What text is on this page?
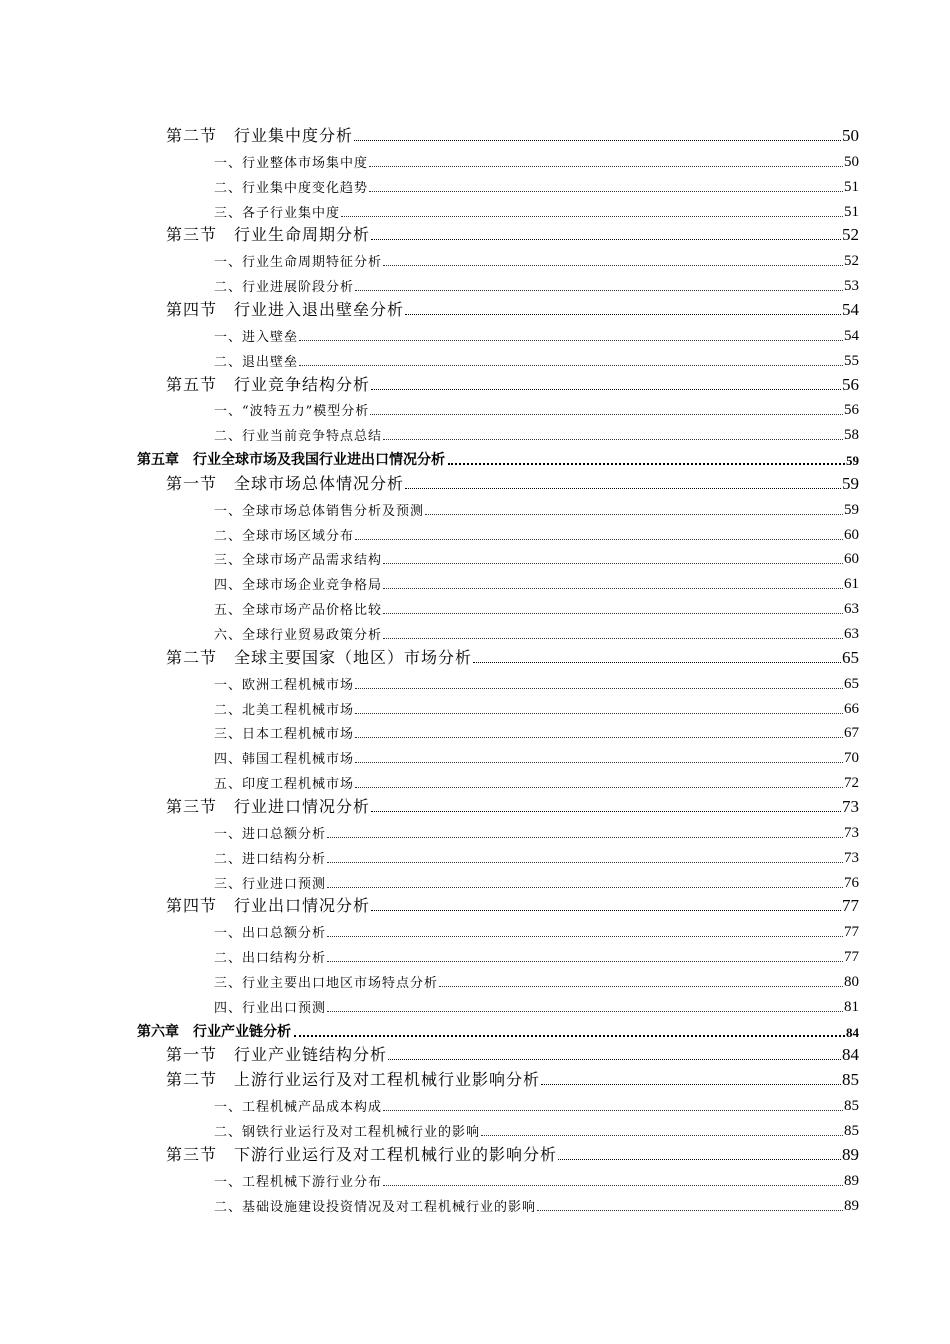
第二节　行业集中度分析	50
一、行业整体市场集中度	50
二、行业集中度变化趋势	51
三、各子行业集中度	51
第三节　行业生命周期分析	52
一、行业生命周期特征分析	52
二、行业进展阶段分析	53
第四节　行业进入退出壁垒分析	54
一、进入壁垒	54
二、退出壁垒	55
第五节　行业竞争结构分析	56
一、“波特五力”模型分析	56
二、行业当前竞争特点总结	58
第五章　行业全球市场及我国行业进出口情况分析	59
第一节　全球市场总体情况分析	59
一、全球市场总体销售分析及预测	59
二、全球市场区域分布	60
三、全球市场产品需求结构	60
四、全球市场企业竞争格局	61
五、全球市场产品价格比较	63
六、全球行业贸易政策分析	63
第二节　全球主要国家（地区）市场分析	65
一、欧洲工程机械市场	65
二、北美工程机械市场	66
三、日本工程机械市场	67
四、韩国工程机械市场	70
五、印度工程机械市场	72
第三节　行业进口情况分析	73
一、进口总额分析	73
二、进口结构分析	73
三、行业进口预测	76
第四节　行业出口情况分析	77
一、出口总额分析	77
二、出口结构分析	77
三、行业主要出口地区市场特点分析	80
四、行业出口预测	81
第六章　行业产业链分析	84
第一节　行业产业链结构分析	84
第二节　上游行业运行及对工程机械行业影响分析	85
一、工程机械产品成本构成	85
二、钢铁行业运行及对工程机械行业的影响	85
第三节　下游行业运行及对工程机械行业的影响分析	89
一、工程机械下游行业分布	89
二、基础设施建设投资情况及对工程机械行业的影响	89
